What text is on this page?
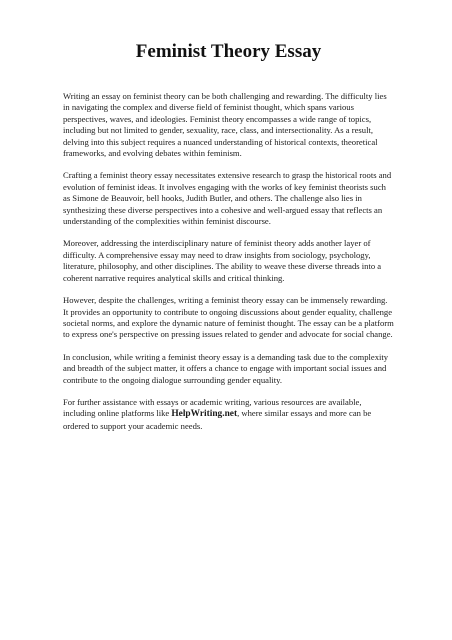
Feminist Theory Essay

Writing an essay on feminist theory can be both challenging and rewarding. The difficulty lies in navigating the complex and diverse field of feminist thought, which spans various perspectives, waves, and ideologies. Feminist theory encompasses a wide range of topics, including but not limited to gender, sexuality, race, class, and intersectionality. As a result, delving into this subject requires a nuanced understanding of historical contexts, theoretical frameworks, and evolving debates within feminism.

Crafting a feminist theory essay necessitates extensive research to grasp the historical roots and evolution of feminist ideas. It involves engaging with the works of key feminist theorists such as Simone de Beauvoir, bell hooks, Judith Butler, and others. The challenge also lies in synthesizing these diverse perspectives into a cohesive and well-argued essay that reflects an understanding of the complexities within feminist discourse.

Moreover, addressing the interdisciplinary nature of feminist theory adds another layer of difficulty. A comprehensive essay may need to draw insights from sociology, psychology, literature, philosophy, and other disciplines. The ability to weave these diverse threads into a coherent narrative requires analytical skills and critical thinking.

However, despite the challenges, writing a feminist theory essay can be immensely rewarding. It provides an opportunity to contribute to ongoing discussions about gender equality, challenge societal norms, and explore the dynamic nature of feminist thought. The essay can be a platform to express one's perspective on pressing issues related to gender and advocate for social change.

In conclusion, while writing a feminist theory essay is a demanding task due to the complexity and breadth of the subject matter, it offers a chance to engage with important social issues and contribute to the ongoing dialogue surrounding gender equality.

For further assistance with essays or academic writing, various resources are available, including online platforms like HelpWriting.net, where similar essays and more can be ordered to support your academic needs.
